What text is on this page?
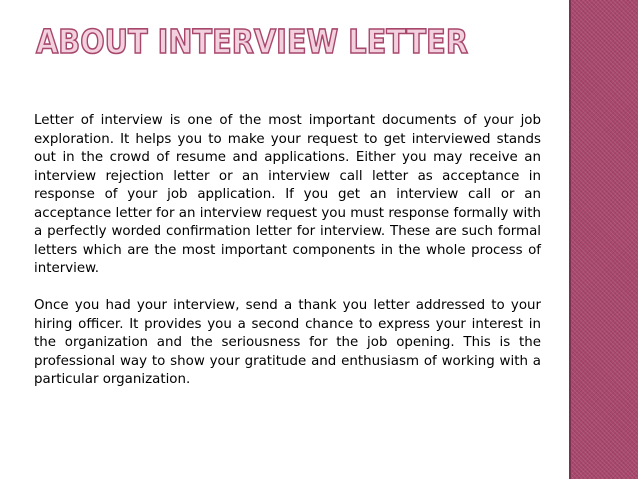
ABOUT INTERVIEW LETTER

Letter of interview is one of the most important documents of your job exploration. It helps you to make your request to get interviewed stands out in the crowd of resume and applications. Either you may receive an interview rejection letter or an interview call letter as acceptance in response of your job application. If you get an interview call or an acceptance letter for an interview request you must response formally with a perfectly worded confirmation letter for interview. These are such formal letters which are the most important components in the whole process of interview.

Once you had your interview, send a thank you letter addressed to your hiring officer. It provides you a second chance to express your interest in the organization and the seriousness for the job opening. This is the professional way to show your gratitude and enthusiasm of working with a particular organization.
